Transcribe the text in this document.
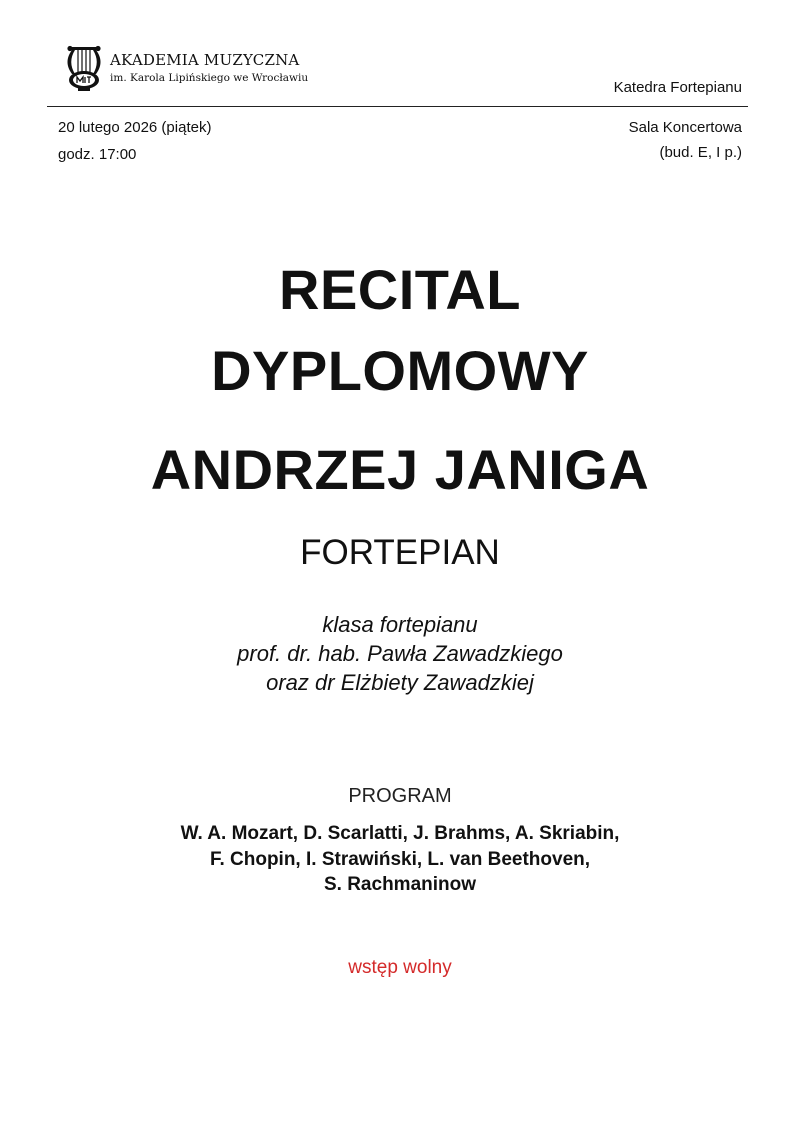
AKADEMIA MUZYCZNA
im. Karola Lipińskiego we Wrocławiu
Katedra Fortepianu
20 lutego 2026 (piątek)
godz. 17:00
Sala Koncertowa
(bud. E, I p.)
RECITAL
DYPLOMOWY
ANDRZEJ JANIGA
FORTEPIAN
klasa fortepianu
prof. dr. hab. Pawła Zawadzkiego
oraz dr Elżbiety Zawadzkiej
PROGRAM
W. A. Mozart, D. Scarlatti, J. Brahms, A. Skriabin,
F. Chopin, I. Strawiński, L. van Beethoven,
S. Rachmaninow
wstęp wolny
